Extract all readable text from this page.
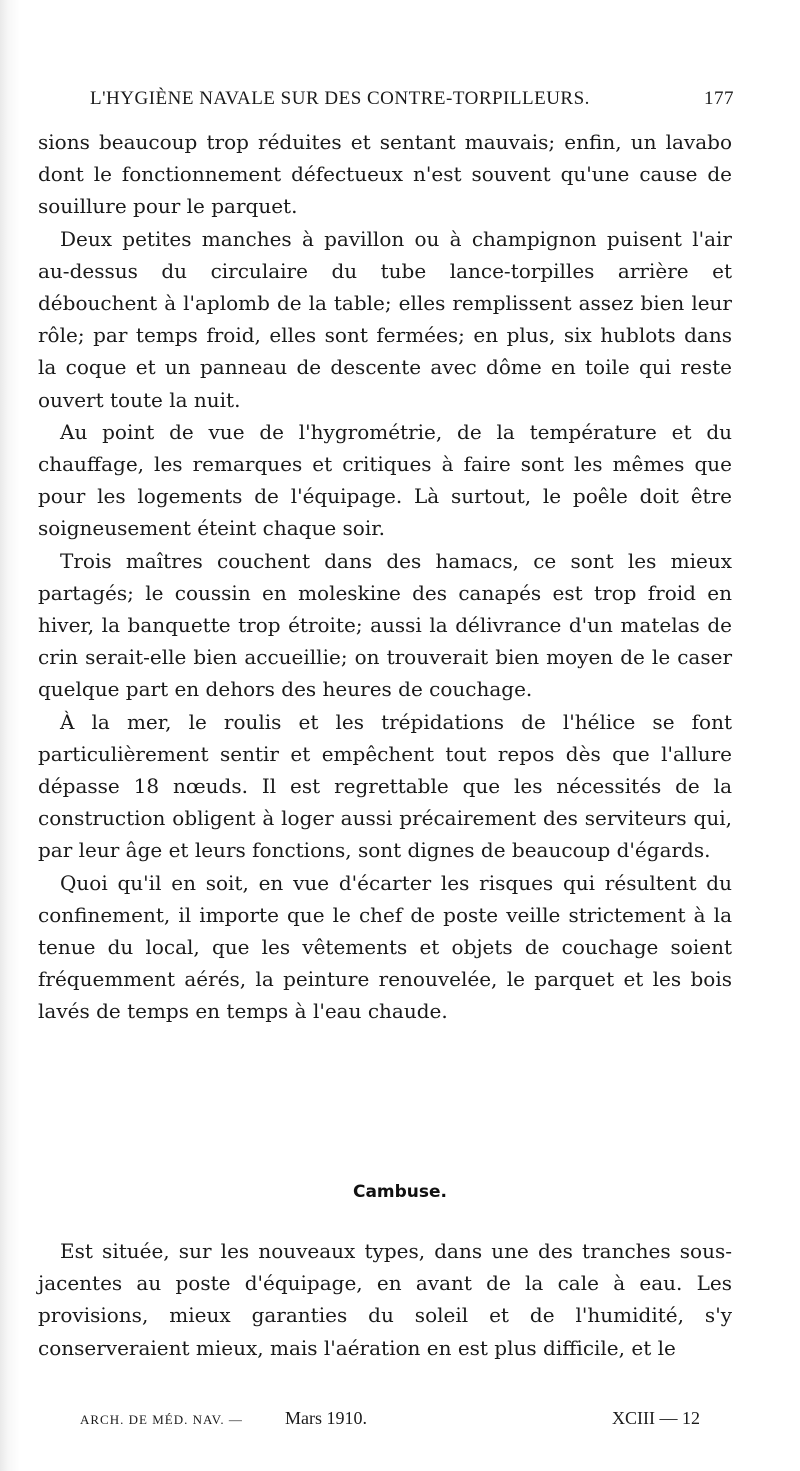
L'HYGIÈNE NAVALE SUR DES CONTRE-TORPILLEURS.	177

sions beaucoup trop réduites et sentant mauvais; enfin, un lavabo dont le fonctionnement défectueux n'est souvent qu'une cause de souillure pour le parquet.

Deux petites manches à pavillon ou à champignon puisent l'air au-dessus du circulaire du tube lance-torpilles arrière et débouchent à l'aplomb de la table; elles remplissent assez bien leur rôle; par temps froid, elles sont fermées; en plus, six hublots dans la coque et un panneau de descente avec dôme en toile qui reste ouvert toute la nuit.

Au point de vue de l'hygrométrie, de la température et du chauffage, les remarques et critiques à faire sont les mêmes que pour les logements de l'équipage. Là surtout, le poêle doit être soigneusement éteint chaque soir.

Trois maîtres couchent dans des hamacs, ce sont les mieux partagés; le coussin en moleskine des canapés est trop froid en hiver, la banquette trop étroite; aussi la délivrance d'un matelas de crin serait-elle bien accueillie; on trouverait bien moyen de le caser quelque part en dehors des heures de couchage.

À la mer, le roulis et les trépidations de l'hélice se font particulièrement sentir et empêchent tout repos dès que l'allure dépasse 18 nœuds. Il est regrettable que les nécessités de la construction obligent à loger aussi précairement des serviteurs qui, par leur âge et leurs fonctions, sont dignes de beaucoup d'égards.

Quoi qu'il en soit, en vue d'écarter les risques qui résultent du confinement, il importe que le chef de poste veille strictement à la tenue du local, que les vêtements et objets de couchage soient fréquemment aérés, la peinture renouvelée, le parquet et les bois lavés de temps en temps à l'eau chaude.

Cambuse.

Est située, sur les nouveaux types, dans une des tranches sous-jacentes au poste d'équipage, en avant de la cale à eau. Les provisions, mieux garanties du soleil et de l'humidité, s'y conserveraient mieux, mais l'aération en est plus difficile, et le

ARCH. DE MÉD. NAV. — Mars 1910.	XCIII — 12
